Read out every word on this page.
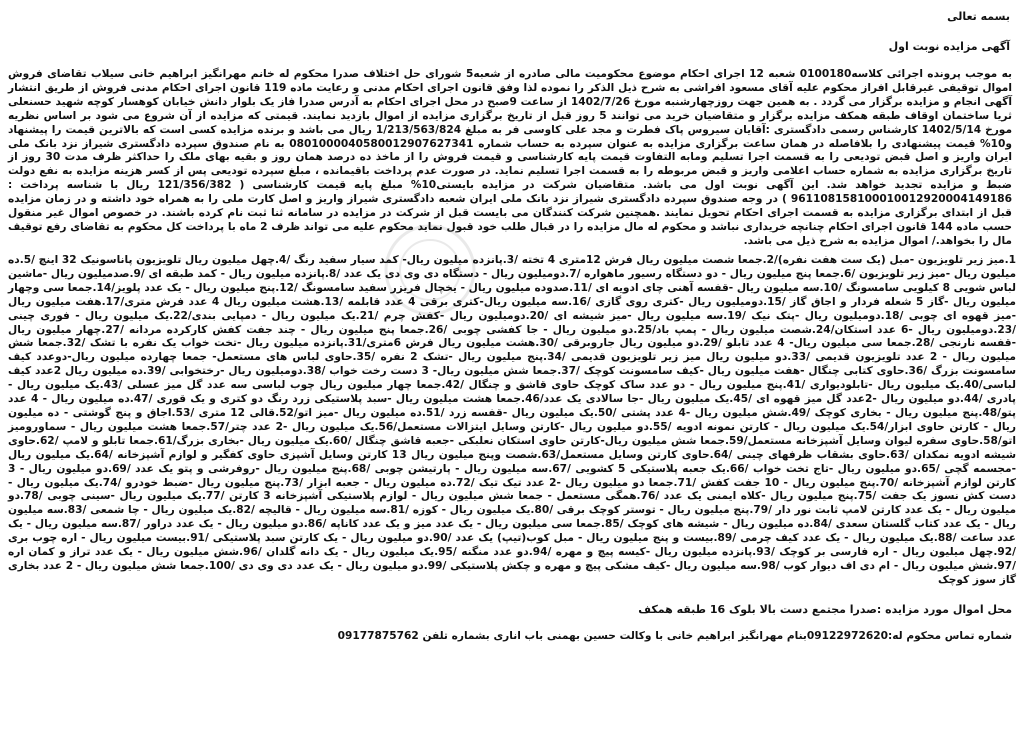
بسمه تعالی
آگهی مزایده نوبت اول
به موجب پرونده اجرائی کلاسه0100180 شعبه 12 اجرای احکام موضوع محکومیت مالی صادره از شعبه5 شورای حل اختلاف صدرا محکوم له خانم مهرانگیز ابراهیم خانی سیلاب تقاضای فروش اموال توقیفی غیرقابل افراز محکوم علیه آقای مسعود افراشی به شرح ذیل الذکر را نموده لذا وفق قانون اجرای احکام مدنی و رعایت ماده 119 قانون اجرای احکام مدنی فروش از طریق انتشار آگهی انجام و مزایده برگزار می گردد . به همین جهت روزچهارشنبه مورخ 1402/7/26 از ساعت 9صبح در محل اجرای احکام به آدرس صدرا فاز یک بلوار دانش خیابان کوهسار کوچه شهید حسنعلی ثریا ساختمان اوقاف طبقه همکف مزایده برگزار و متقاضیان خرید می توانند 5 روز قبل از تاریخ برگزاری مزایده از اموال بازدید نمایند. قیمتی که مزایده از آن شروع می شود بر اساس نظریه مورخ 1402/5/14 کارشناس رسمی دادگستری :آقایان سیروس پاک فطرت و مجد علی کاوسی فر به مبلغ 1/213/563/824 ریال می باشد و برنده مزایده کسی است که بالاترین قیمت را پیشنهاد و10% قیمت پیشنهادی را بلافاصله در همان ساعت برگزاری مزایده به عنوان سپرده به حساب شماره 0801000040580012907627341 به نام صندوق سپرده دادگستری شیراز نزد بانک ملی ایران واریز و اصل قبض تودیعی را به قسمت اجرا تسلیم ومابه التفاوت قیمت پایه کارشناسی و قیمت فروش را از ماخذ ده درصد همان روز و بقیه بهای ملک را حداکثر ظرف مدت 30 روز از تاریخ برگزاری مزایده به شماره حساب اعلامی واریز و قبض مربوطه را به قسمت اجرا تسلیم نماید. در صورت عدم پرداخت باقیمانده ، مبلغ سپرده تودیعی پس از کسر هزینه مزایده به نفع دولت ضبط و مزایده تجدید خواهد شد. این آگهی نوبت اول می باشد. متقاضیان شرکت در مزایده بایستی10% مبلغ پایه قیمت کارشناسی ( 121/356/382 ریال با شناسه پرداخت : 961108158100010012920004149186 ) در وجه صندوق سپرده دادگستری شیراز نزد بانک ملی ایران شعبه دادگستری شیراز واریز و اصل کارت ملی را به همراه خود داشته و در زمان مزایده قبل از ابتدای برگزاری مزایده به قسمت اجرای احکام تحویل نمایند .همچنین شرکت کنندگان می بایست قبل از شرکت در مزایده در سامانه ثنا ثبت نام کرده باشند. در خصوص اموال غیر منقول حسب ماده 144 قانون اجرای احکام چنانچه خریداری نباشد و محکوم له مال مزایده را در قبال طلب خود قبول نماید محکوم علیه می تواند ظرف 2 ماه با پرداخت کل محکوم به تقاضای رفع توقیف مال را بخواهد./ اموال مزایده به شرح ذیل می باشد.
1.میز زیر تلویزیون -مبل (یک ست هفت نفره)/2.جمعا شصت میلیون ریال فرش 12متری 4 تخته /3.پانزده میلیون ریال- کمد سیار سفید رنگ /4.چهل میلیون ریال تلویزیون پاناسونیک 32 اینچ /5.ده میلیون ریال -میز زیر تلویزیون /6.جمعا پنج میلیون ریال - دو دستگاه رسیور ماهواره /7.دومیلیون ریال - دستگاه دی وی دی یک عدد /8.پانزده میلیون ریال - کمد طبقه ای /9.صدمیلیون ریال -ماشین لباس شویی 8 کیلویی سامسونگ /10.سه میلیون ریال -قفسه آهنی چای ادویه ای /11.صدوده میلیون ریال - یخچال فریزر سفید سامسونگ /12.پنج میلیون ریال - یک عدد پلویز/14.جمعا سی وچهار میلیون ریال -گاز 5 شعله فردار و اجاق گاز /15.دومیلیون ریال -کتری روی گازی /16.سه میلیون ریال-کتری برقی 4 عدد قابلمه /13.هشت میلیون ریال 4 عدد فرش متری/17.هفت میلیون ریال -میز قهوه ای چوبی /18.دومیلیون ریال -پتک نیک /19.سه میلیون ریال -میز شیشه ای /20.دومیلیون ریال -کفش چرم /21.یک میلیون ریال - دمپایی بندی/22.یک میلیون ریال - فوری چینی /23.دومیلیون ریال -6 عدد استکان/24.شصت میلیون ریال - پمپ باد/25.دو میلیون ریال - جا کفشی چوبی /26.جمعا پنج میلیون ریال - چند جفت کفش کارکرده مردانه /27.چهار میلیون ریال -قفسه نارنجی /28.جمعا سی میلیون ریال- 4 عدد تابلو /29.دو میلیون ریال جاروبرقی /30.هشت میلیون ریال فرش 6متری/31.پانزده میلیون ریال -تخت خواب یک نفره با تشک /32.جمعا شش میلیون ریال - 2 عدد تلویزیون قدیمی /33.دو میلیون ریال میز زیر تلویزیون قدیمی /34.پنج میلیون ریال -تشک 2 نفره /35.حاوی لباس های مستعمل- جمعا چهارده میلیون ریال-دوعدد کیف سامسونت بزرگ /36.حاوی کتابی چنگال -هفت میلیون ریال -کیف سامسونت کوچک /37.جمعا شش میلیون ریال- 3 دست رخت خواب /38.دومیلیون ریال -رختخوابی /39.ده میلیون ریال 2عدد کیف لباسی/40.یک میلیون ریال -تابلودیواری /41.پنج میلیون ریال - دو عدد ساک کوچک حاوی قاشق و چنگال /42.جمعا چهار میلیون ریال چوب لباسی سه عدد گل میز عسلی /43.یک میلیون ریال - پادری /44.دو میلیون ریال -2عدد گل میز قهوه ای /45.یک میلیون ریال -جا سالادی یک عدد/46.جمعا هشت میلیون ریال -سبد پلاستیکی زرد رنگ دو کتری و یک قوری /47.ده میلیون ریال - 4 عدد پتو/48.پنج میلیون ریال - بخاری کوچک /49.شش میلیون ریال -4 عدد پشتی /50.یک میلیون ریال -قفسه زرد /51.ده میلیون ریال -میز اتو/52.قالی 12 متری /53.اجاق و پنج گوشتی - ده میلیون ریال - کارتن حاوی ابزار/54.یک میلیون ریال - کارتن نمونه ادویه /55.دو میلیون ریال -کارتن وسایل ایتزالات مستعمل/56.یک میلیون ریال -2 عدد چتر/57.جمعا هشت میلیون ریال - سماورومیز اتو/58.حاوی سفره لیوان وسایل آشپزخانه مستعمل/59.جمعا شش میلیون ریال-کارتن حاوی استکان نعلبکی -جعبه قاشق چنگال /60.یک میلیون ریال -بخاری بزرگ/61.جمعا تابلو و لامپ /62.حاوی شیشه ادویه نمکدان /63.حاوی بشقاب ظرفهای چینی /64.حاوی کارتن وسایل مستعمل/63.شصت وپنج میلیون ریال 13 کارتن وسایل آشپزی حاوی کفگیر و لوازم آشپزخانه /64.یک میلیون ریال -مجسمه گچی /65.دو میلیون ریال -تاج تخت خواب /66.یک جعبه پلاستیکی 5 کشویی /67.سه میلیون ریال - پارتیشن چوبی /68.پنج میلیون ریال -روفرشی و پتو یک عدد /69.دو میلیون ریال - 3 کارتن لوازم آشپزخانه /70.پنج میلیون ریال - 10 جفت کفش /71.جمعا دو میلیون ریال -2 عدد تیک تیک /72.ده میلیون ریال - جعبه ابزار /73.پنج میلیون ریال -ضبط خودرو /74.یک میلیون ریال - دست کش نسوز یک جفت /75.پنج میلیون ریال -کلاه ایمنی یک عدد /76.همگی مستعمل - جمعا شش میلیون ریال - لوازم پلاستیکی آشپزخانه 3 کارتن /77.یک میلیون ریال -سینی چوبی /78.دو میلیون ریال - یک عدد کارتن لامپ ثابت نور دار /79.پنج میلیون ریال - توستر کوچک برقی /80.یک میلیون ریال - کوزه /81.سه میلیون ریال - قالیچه /82.یک میلیون ریال - چا شمعی /83.سه میلیون ریال - یک عدد کتاب گلستان سعدی /84.ده میلیون ریال - شیشه های کوچک /85.جمعا سی میلیون ریال - یک عدد میز و یک عدد کاناپه /86.دو میلیون ریال - یک عدد دراور /87.سه میلیون ریال - یک عدد ساعت /88.یک میلیون ریال - یک عدد کیف چرمی /89.بیست و پنج میلیون ریال - مبل کوب(تیپ) یک عدد /90.دو میلیون ریال - یک کارتن سبد پلاستیکی /91.بیست میلیون ریال - اره چوب بری /92.چهل میلیون ریال - اره فارسی بر کوچک /93.پانزده میلیون ریال -کیسه پیچ و مهره /94.دو عدد منگنه /95.یک میلیون ریال - یک دانه گلدان /96.شش میلیون ریال - یک عدد تراز و کمان اره /97.شش میلیون ریال - ام دی اف دیوار کوب /98.سه میلیون ریال -کیف مشکی پیچ و مهره و چکش پلاستیکی /99.دو میلیون ریال - یک عدد دی وی دی /100.جمعا شش میلیون ریال - 2 عدد بخاری گاز سوز کوچک
محل اموال مورد مزایده :صدرا مجتمع دست بالا بلوک 16 طبقه همکف
شماره تماس محکوم له:09122972620بنام مهرانگیز ابراهیم خانی با وکالت حسین بهمنی باب اناری بشماره تلفن 09177875762
